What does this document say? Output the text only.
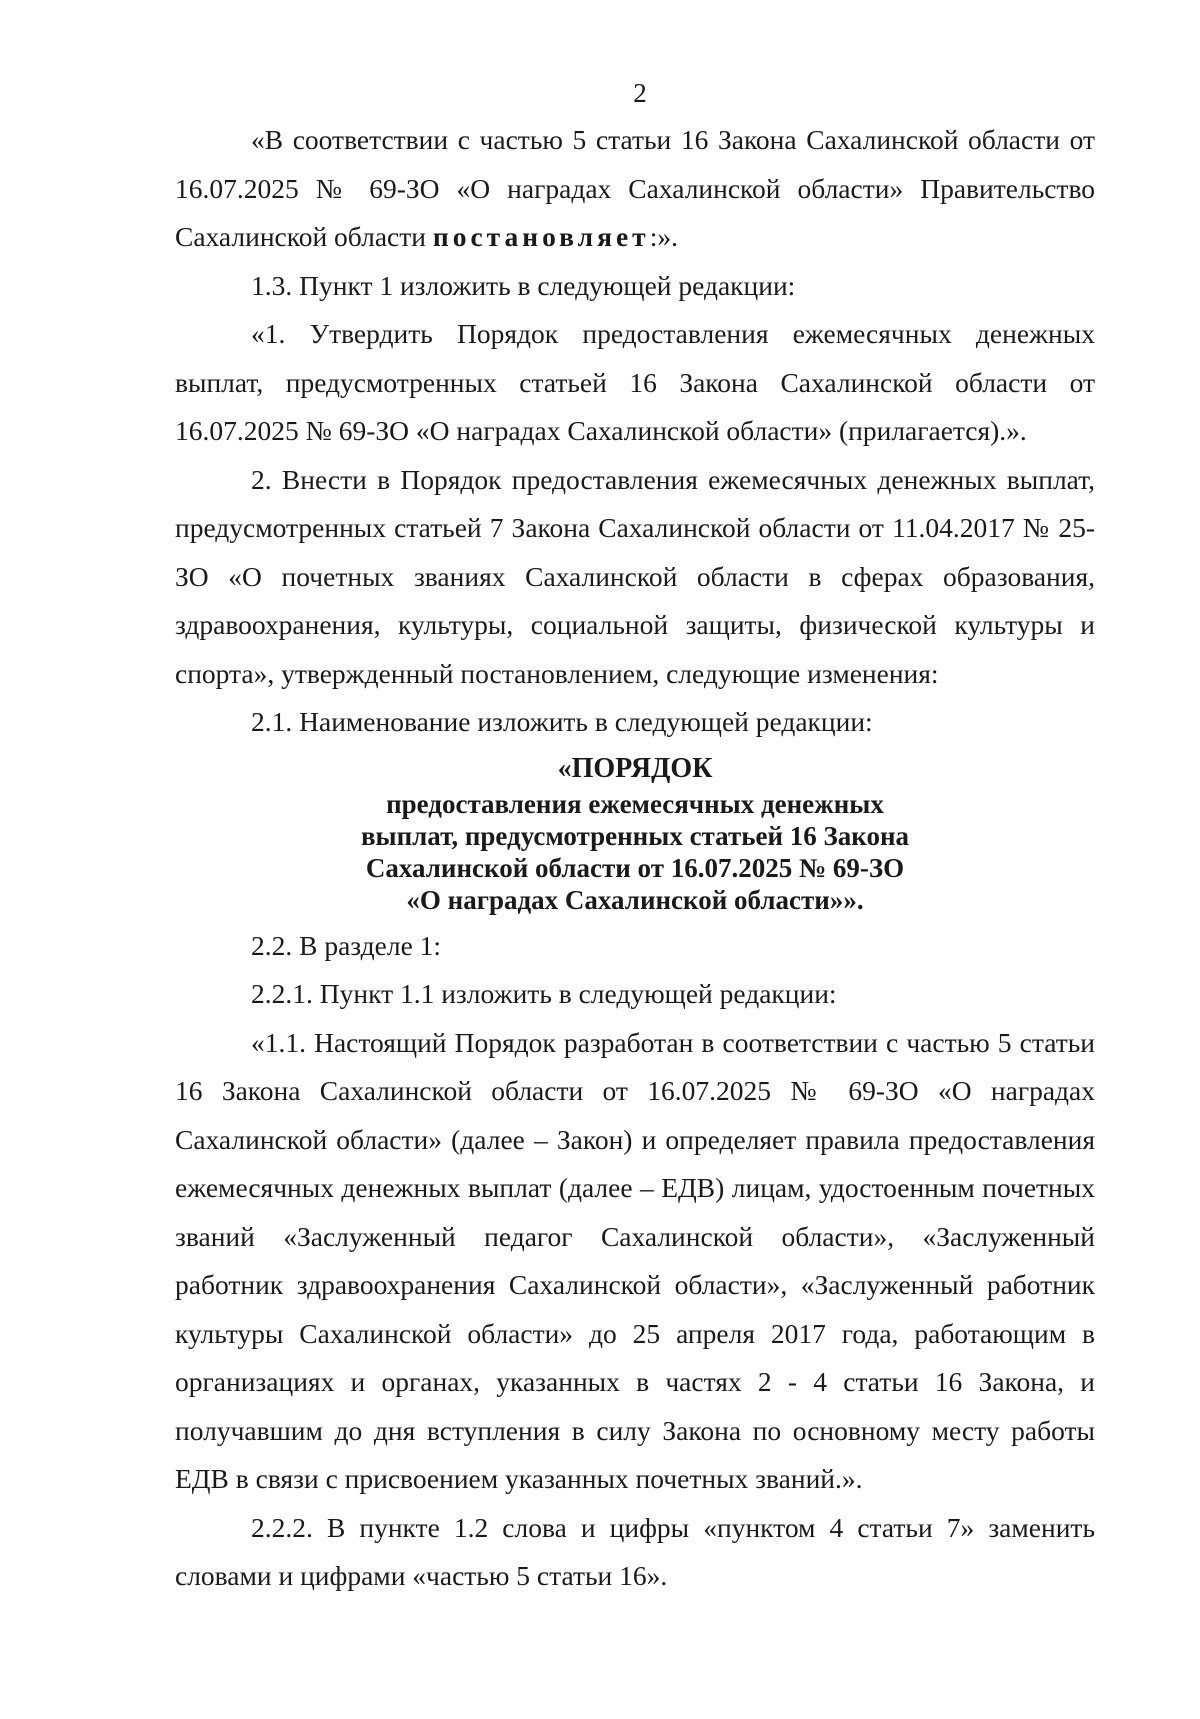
2

«В соответствии с частью 5 статьи 16 Закона Сахалинской области от 16.07.2025 № 69-ЗО «О наградах Сахалинской области» Правительство Сахалинской области постановляет:».

1.3. Пункт 1 изложить в следующей редакции:

«1. Утвердить Порядок предоставления ежемесячных денежных выплат, предусмотренных статьей 16 Закона Сахалинской области от 16.07.2025 № 69-ЗО «О наградах Сахалинской области» (прилагается).».

2. Внести в Порядок предоставления ежемесячных денежных выплат, предусмотренных статьей 7 Закона Сахалинской области от 11.04.2017 № 25-ЗО «О почетных званиях Сахалинской области в сферах образования, здравоохранения, культуры, социальной защиты, физической культуры и спорта», утвержденный постановлением, следующие изменения:

2.1. Наименование изложить в следующей редакции:

«ПОРЯДОК
предоставления ежемесячных денежных
выплат, предусмотренных статьей 16 Закона
Сахалинской области от 16.07.2025 № 69-ЗО
«О наградах Сахалинской области»».

2.2. В разделе 1:

2.2.1. Пункт 1.1 изложить в следующей редакции:

«1.1. Настоящий Порядок разработан в соответствии с частью 5 статьи 16 Закона Сахалинской области от 16.07.2025 № 69-ЗО «О наградах Сахалинской области» (далее – Закон) и определяет правила предоставления ежемесячных денежных выплат (далее – ЕДВ) лицам, удостоенным почетных званий «Заслуженный педагог Сахалинской области», «Заслуженный работник здравоохранения Сахалинской области», «Заслуженный работник культуры Сахалинской области» до 25 апреля 2017 года, работающим в организациях и органах, указанных в частях 2 - 4 статьи 16 Закона, и получавшим до дня вступления в силу Закона по основному месту работы ЕДВ в связи с присвоением указанных почетных званий.».

2.2.2. В пункте 1.2 слова и цифры «пунктом 4 статьи 7» заменить словами и цифрами «частью 5 статьи 16».
